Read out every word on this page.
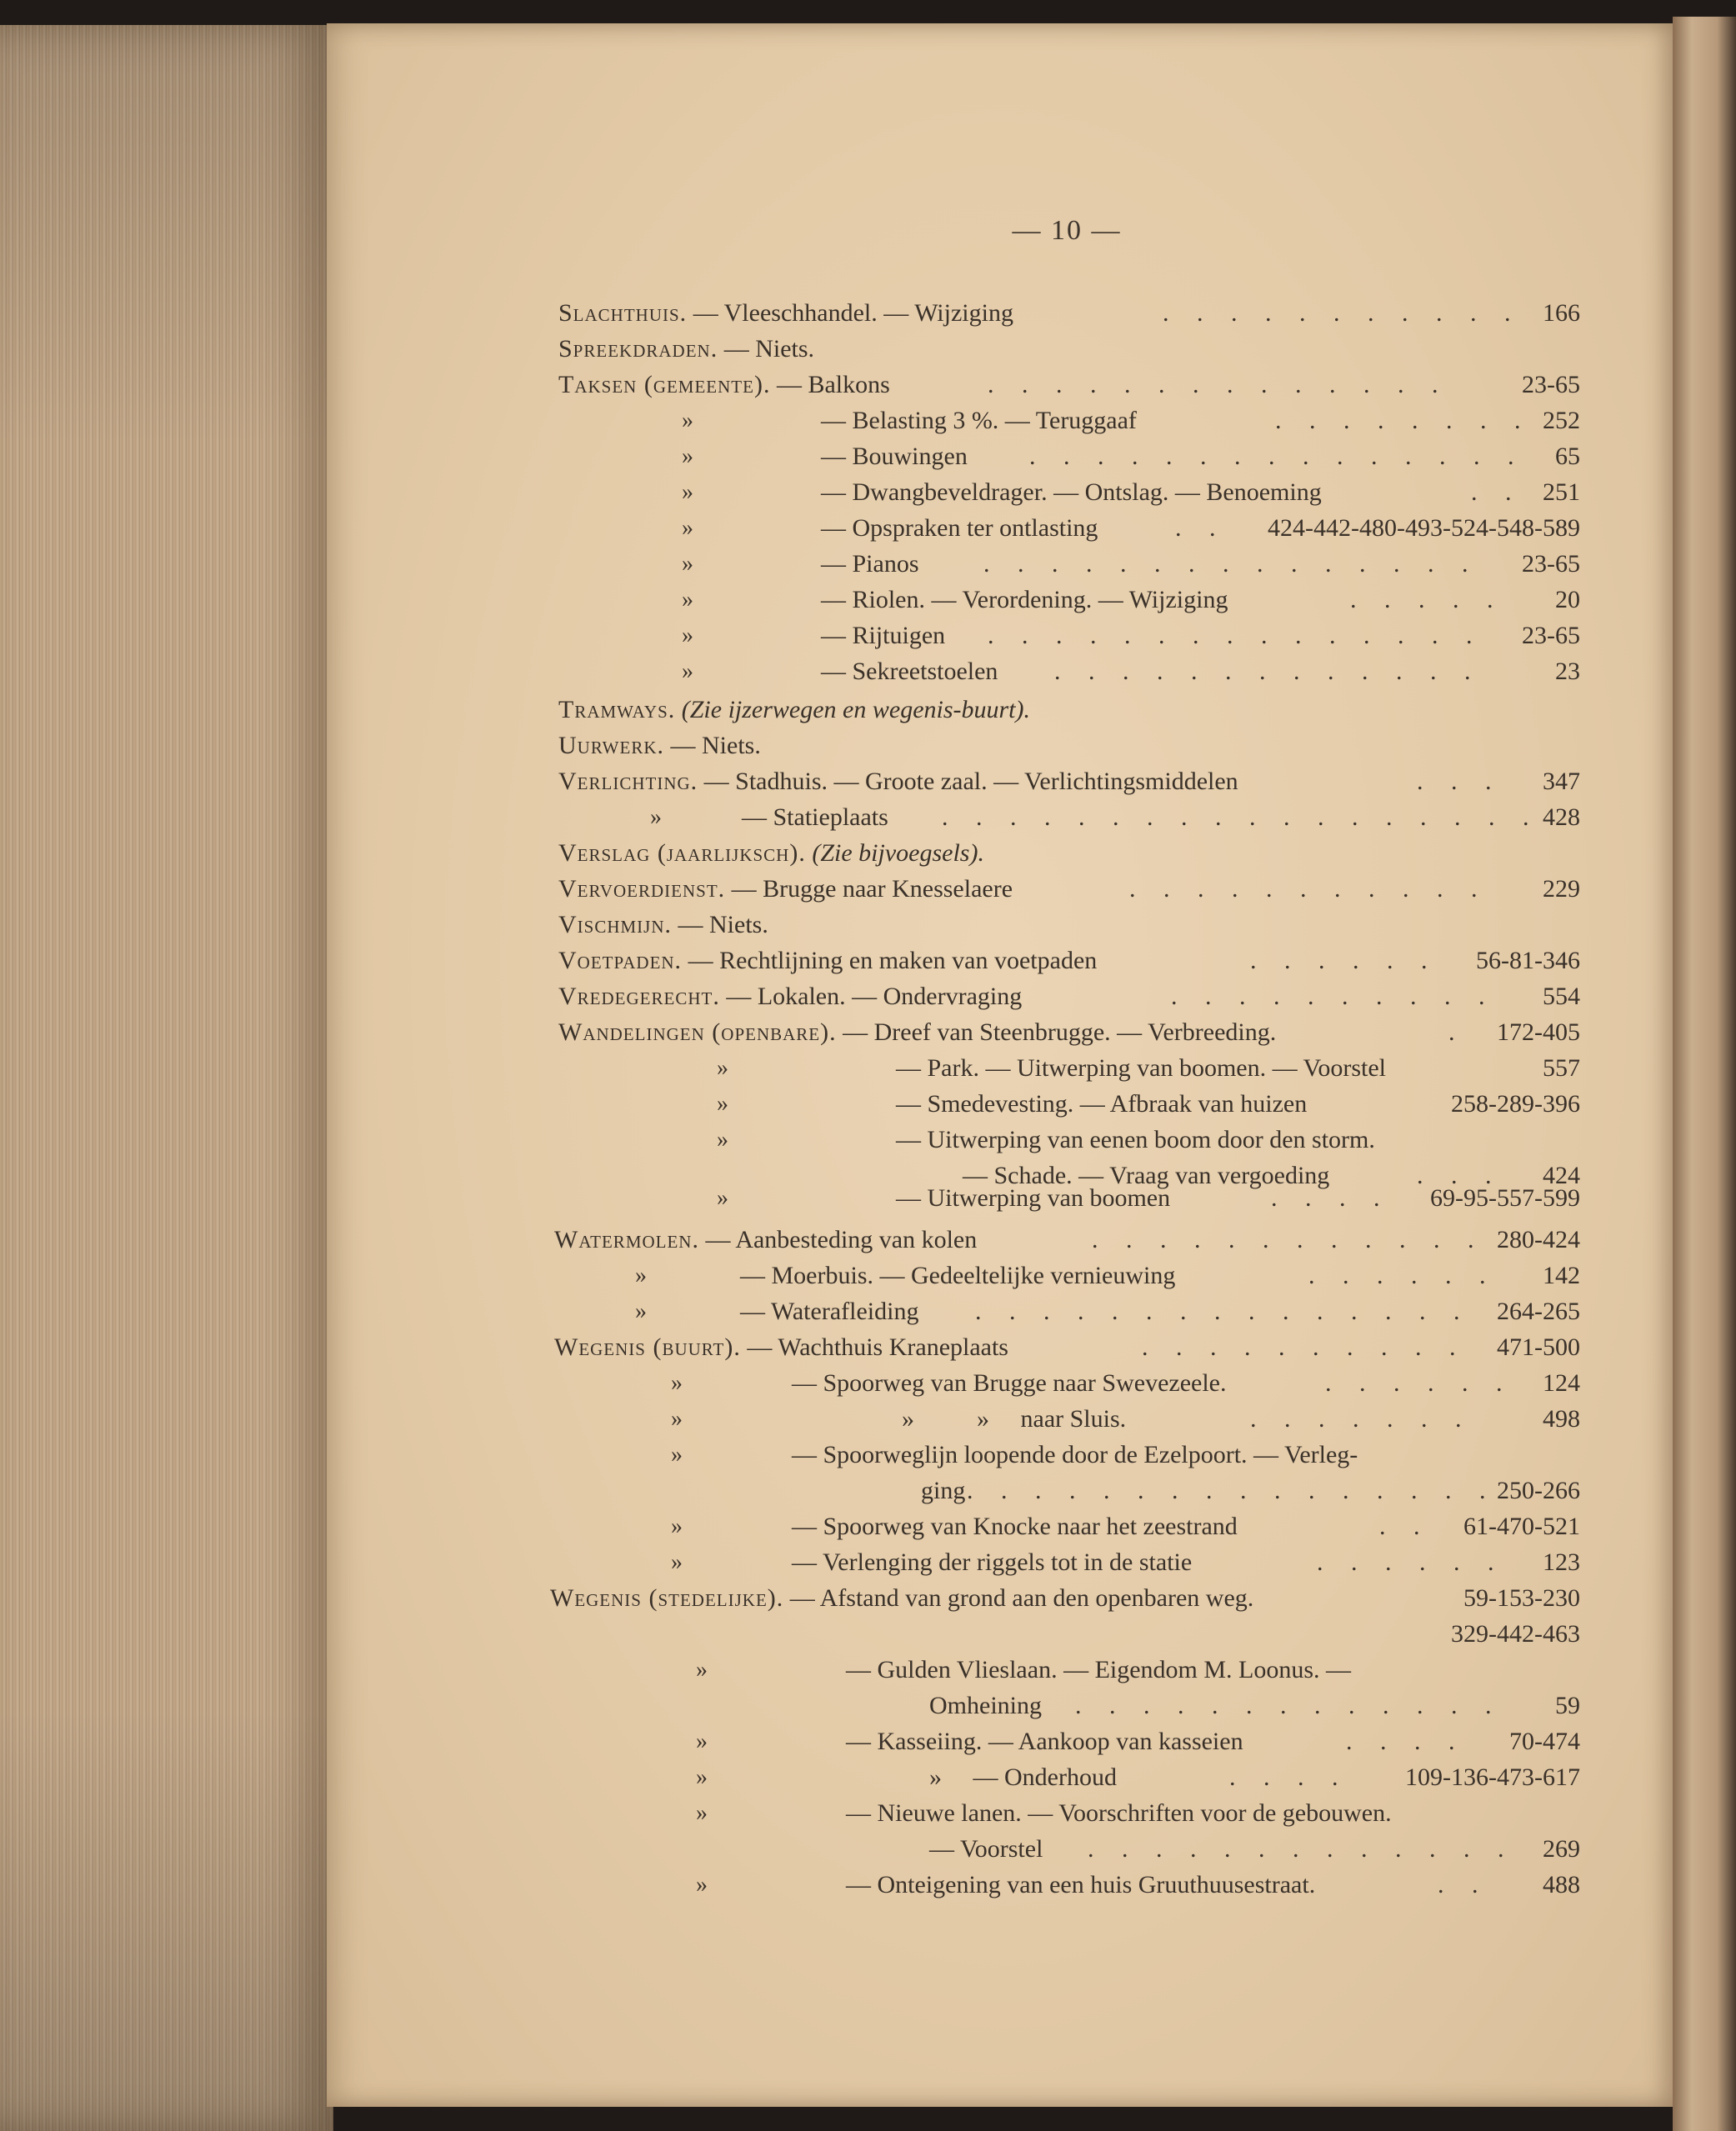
— 10 —
Slachthuis. — Vleeschhandel. — Wijziging	. . . . . . . . . . . 166
Spreekdraden. — Niets.
Taksen (gemeente). — Balkons	. . . . . . . . . . . . . .	23-65
»	— Belasting 3 %. — Teruggaaf	. . . . . . . . 252
»	— Bouwingen . . . . . . . . . . . . . . . 65
»	— Dwangbeveldrager. — Ontslag. — Benoeming	. . 251
»	— Opspraken ter ontlasting	. . 424-442-480-493-524-548-589
»	— Pianos	. . . . . . . . . . . . . . . 23-65
»	— Riolen. — Verordening. — Wijziging	. . . . .	20
»	— Rijtuigen . . . . . . . . . . . . . . . 23-65
»	— Sekreetstoelen . . . . . . . . . . . . .	23
Tramways. (Zie ijzerwegen en wegenis-buurt).
Uurwerk. — Niets.
Verlichting. — Stadhuis. — Groote zaal. — Verlichtingsmiddelen	. . . 347
»	— Statieplaats . . . . . . . . . . . . . . . . . . 428
Verslag (jaarlijksch). (Zie bijvoegsels).
Vervoerdienst. — Brugge naar Knesselaere	. . . . . . . . . . .	229
Vischmijn. — Niets.
Voetpaden. — Rechtlijning en maken van voetpaden	. . . . . . 56-81-346
Vredegerecht. — Lokalen. — Ondervraging	. . . . . . . . . .	554
Wandelingen (openbare). — Dreef van Steenbrugge. — Verbreeding.	.	172-405
»	— Park. — Uitwerping van boomen. — Voorstel	557
»	— Smedevesting. — Afbraak van huizen	258-289-396
»	— Uitwerping van eenen boom door den storm.
— Schade. — Vraag van vergoeding	. . . 424
»	— Uitwerping van boomen	. . . . 69-95-557-599
Watermolen. — Aanbesteding van kolen	. . . . . . . . . . . . 280-424
»	— Moerbuis. — Gedeeltelijke vernieuwing	. . . . . .	142
»	— Waterafleiding . . . . . . . . . . . . . . . 264-265
Wegenis (buurt). — Wachthuis Kraneplaats	. . . . . . . . . . 471-500
»	— Spoorweg van Brugge naar Swevezeele.	. . . . . . 124
»	»          »     naar Sluis.	. . . . . . .	498
»	— Spoorweglijn loopende door de Ezelpoort. — Verleg-
ging . . . . . . . . . . . . . . . . 250-266
»	— Spoorweg van Knocke naar het zeestrand	. . 61-470-521
»	— Verlenging der riggels tot in de statie	. . . . . . 123
Wegenis (stedelijke). — Afstand van grond aan den openbaren weg.	59-153-230
329-442-463
»	— Gulden Vlieslaan. — Eigendom M. Loonus. —
Omheining . . . . . . . . . . . . . 59
»	— Kasseiing. — Aankoop van kasseien	. . . . 70-474
»	»     — Onderhoud	. . . . 109-136-473-617
»	— Nieuwe lanen. — Voorschriften voor de gebouwen.
— Voorstel . . . . . . . . . . . . . 269
»	— Onteigening van een huis Gruuthuusestraat.	. . 488
